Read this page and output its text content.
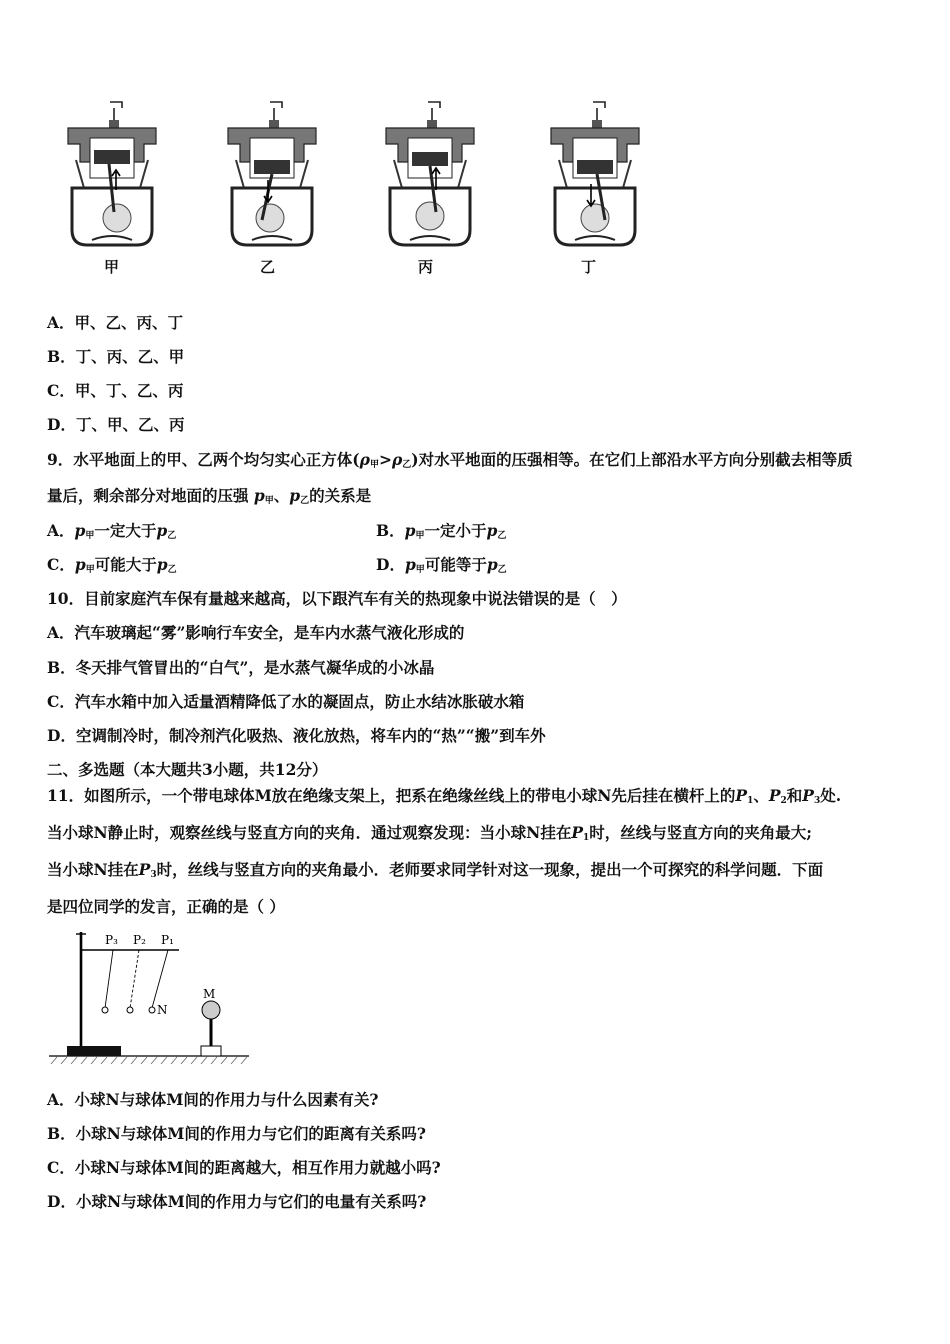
甲	乙	丙	丁
A．甲、乙、丙、丁
B．丁、丙、乙、甲
C．甲、丁、乙、丙
D．丁、甲、乙、丙
9．水平地面上的甲、乙两个均匀实心正方体$(\rho_甲>\rho_乙)$对水平地面的压强相等。在它们上部沿水平方向分别截去相等质
量后，剩余部分对地面的压强 $p_甲$、$p_乙$的关系是
A．$p_甲$一定大于$p_乙$	B．$p_甲$一定小于$p_乙$
C．$p_甲$可能大于$p_乙$	D．$p_甲$可能等于$p_乙$
10．目前家庭汽车保有量越来越高，以下跟汽车有关的热现象中说法错误的是（　）
A．汽车玻璃起“雾”影响行车安全，是车内水蒸气液化形成的
B．冬天排气管冒出的“白气”，是水蒸气凝华成的小冰晶
C．汽车水箱中加入适量酒精降低了水的凝固点，防止水结冰胀破水箱
D．空调制冷时，制冷剂汽化吸热、液化放热，将车内的“热”“搬”到车外
二、多选题（本大题共3小题，共12分）
11．如图所示，一个带电球体M放在绝缘支架上，把系在绝缘丝线上的带电小球N先后挂在横杆上的$P_1$、$P_2$和$P_3$处.
当小球N静止时，观察丝线与竖直方向的夹角．通过观察发现：当小球N挂在$P_1$时，丝线与竖直方向的夹角最大;
当小球N挂在$P_3$时，丝线与竖直方向的夹角最小．老师要求同学针对这一现象，提出一个可探究的科学问题．下面
是四位同学的发言，正确的是（ ）
P₃ P₂ P₁
M
N
A．小球N与球体M间的作用力与什么因素有关?
B．小球N与球体M间的作用力与它们的距离有关系吗?
C．小球N与球体M间的距离越大，相互作用力就越小吗?
D．小球N与球体M间的作用力与它们的电量有关系吗?
